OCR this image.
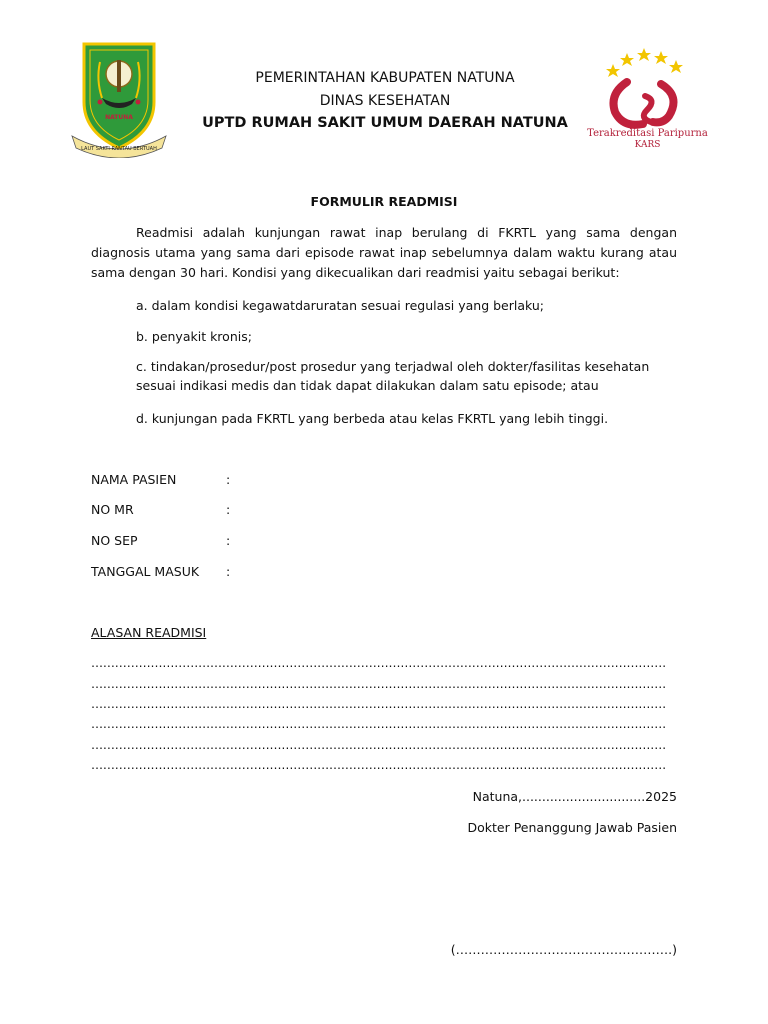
NATUNA
LAUT SAKTI RANTAU BERTUAH
PEMERINTAHAN KABUPATEN NATUNA
DINAS KESEHATAN
UPTD RUMAH SAKIT UMUM DAERAH NATUNA
Terakreditasi Paripurna
KARS
FORMULIR READMISI
Readmisi adalah kunjungan rawat inap berulang di FKRTL yang sama dengan diagnosis utama yang sama dari episode rawat inap sebelumnya dalam waktu kurang atau sama dengan 30 hari. Kondisi yang dikecualikan dari readmisi yaitu sebagai berikut:
a. dalam kondisi kegawatdaruratan sesuai regulasi yang berlaku;
b. penyakit kronis;
c. tindakan/prosedur/post prosedur yang terjadwal oleh dokter/fasilitas kesehatan sesuai indikasi medis dan tidak dapat dilakukan dalam satu episode; atau
d. kunjungan pada FKRTL yang berbeda atau kelas FKRTL yang lebih tinggi.
NAMA PASIEN	:
NO MR	:
NO SEP	:
TANGGAL MASUK :
ALASAN READMISI
……………………………………………………………………………………………………………………………….
……………………………………………………………………………………………………………………………….
……………………………………………………………………………………………………………………………….
……………………………………………………………………………………………………………………………….
……………………………………………………………………………………………………………………………….
……………………………………………………………………………………………………………………………….
Natuna,...............................2025
Dokter Penanggung Jawab Pasien
(…………………………………………….)
